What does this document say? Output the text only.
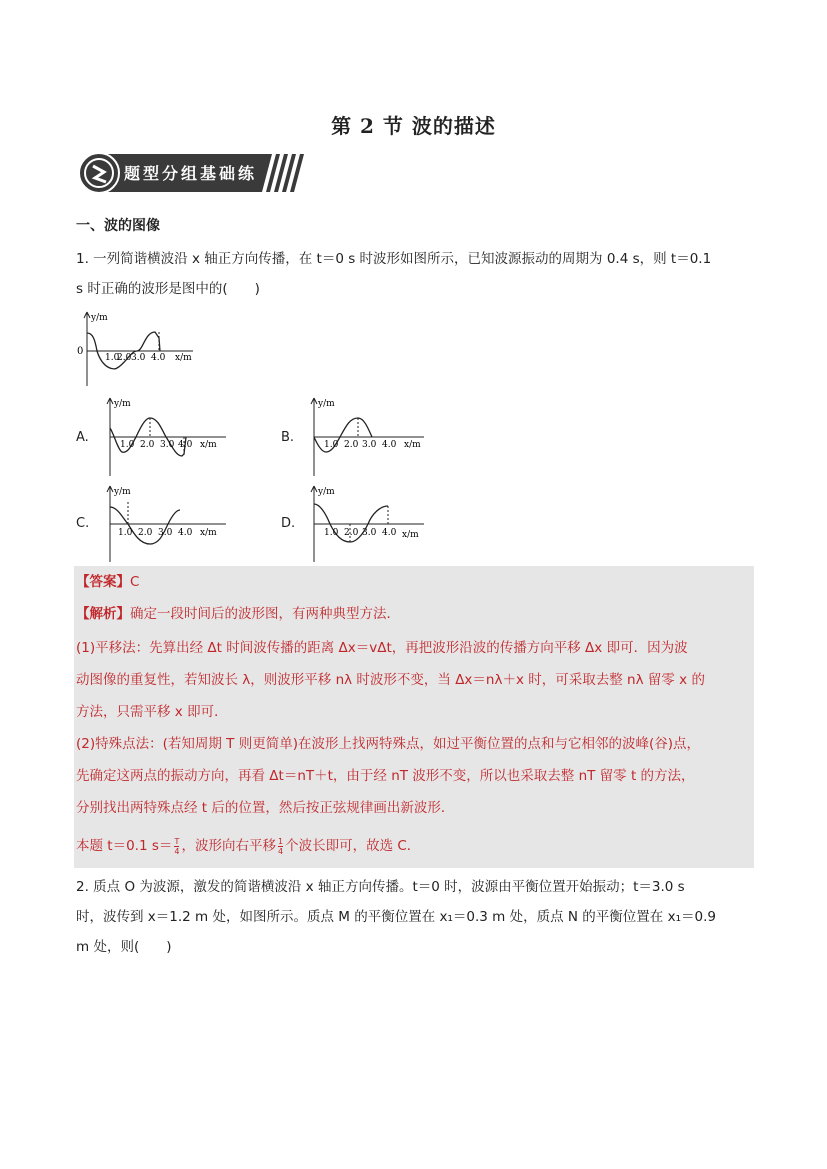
第 2 节 波的描述
题型分组基础练
一、波的图像
1. 一列简谐横波沿 x 轴正方向传播，在 t＝0 s 时波形如图所示，已知波源振动的周期为 0.4 s，则 t＝0.1
s 时正确的波形是图中的(　　)
y/m
0
1.0
2.0 3.0 4.0 x/m
A.
y/m
1.0 2.0 3.0 4.0 x/m	B.
y/m
1.0 2.0 3.0 4.0 x/m
C.
y/m
1.0 2.0 3.0 4.0 x/m
D.
y/m
1.0 2.0 3.0 4.0 x/m
【答案】C
【解析】确定一段时间后的波形图，有两种典型方法．
(1)平移法：先算出经 Δt 时间波传播的距离 Δx＝vΔt，再把波形沿波的传播方向平移 Δx 即可．因为波
动图像的重复性，若知波长 λ，则波形平移 nλ 时波形不变，当 Δx＝nλ＋x 时，可采取去整 nλ 留零 x 的
方法，只需平移 x 即可．
(2)特殊点法：(若知周期 T 则更简单)在波形上找两特殊点，如过平衡位置的点和与它相邻的波峰(谷)点，
先确定这两点的振动方向，再看 Δt＝nT＋t，由于经 nT 波形不变，所以也采取去整 nT 留零 t 的方法，
分别找出两特殊点经 t 后的位置，然后按正弦规律画出新波形．
本题 t＝0.1 $s= \frac{T}{4}$ ，波形向右平移 $\frac{1}{4}$ 个波长即可，故选 C．
2. 质点 O 为波源，激发的简谐横波沿 x 轴正方向传播。t＝0 时，波源由平衡位置开始振动；t＝3.0 s
时，波传到 x＝1.2 m 处，如图所示。质点 M 的平衡位置在 x₁＝0.3 m 处，质点 N 的平衡位置在 x₁＝0.9
m 处，则(　　)
